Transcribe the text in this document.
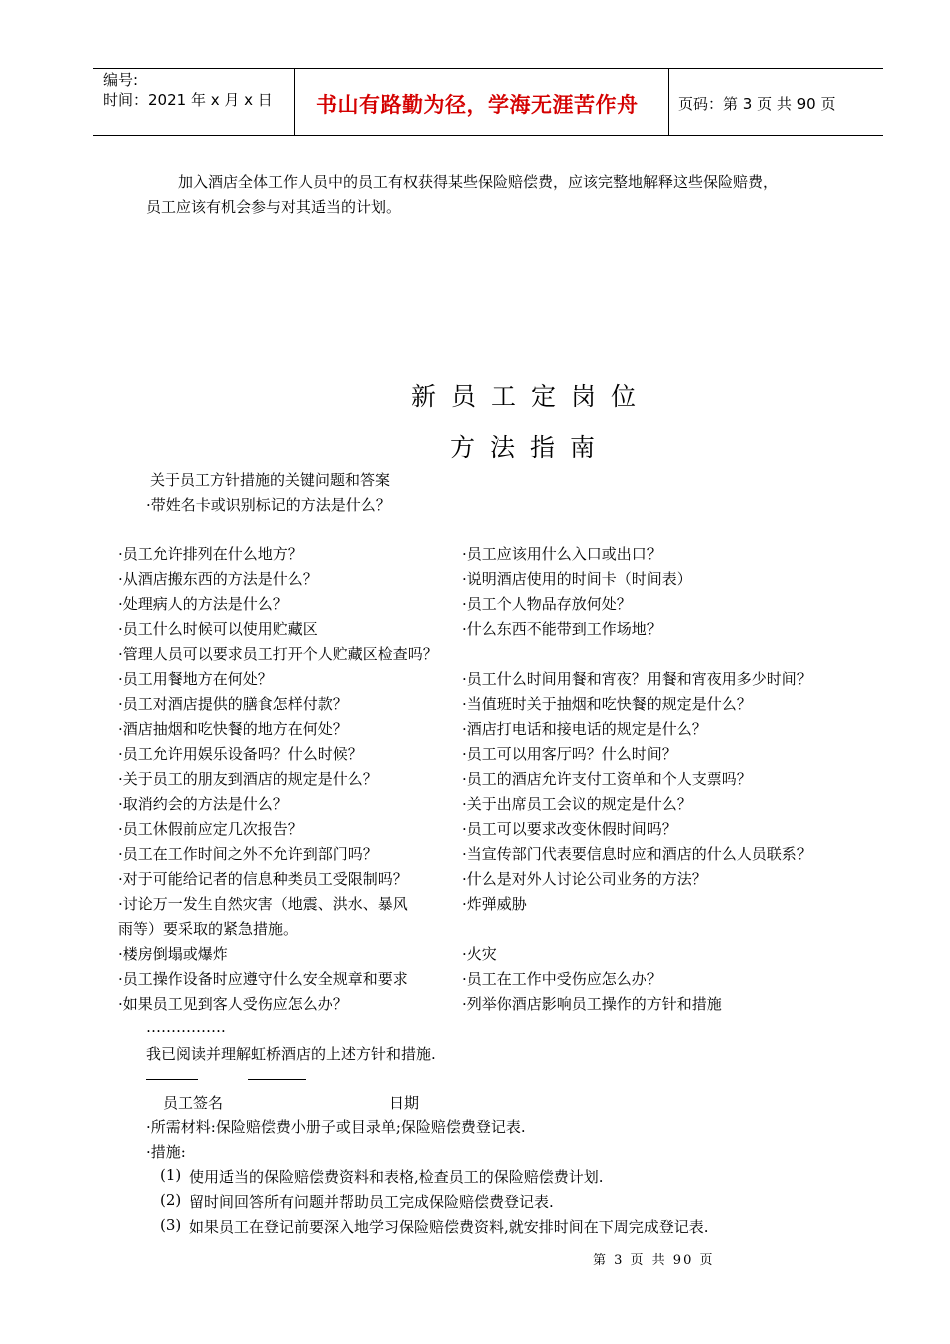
编号:
时间：2021 年 x 月 x 日 书山有路勤为径，学海无涯苦作舟	页码：第 3 页 共 90 页
加入酒店全体工作人员中的员工有权获得某些保险赔偿费，应该完整地解释这些保险赔费，
员工应该有机会参与对其适当的计划。
新员工定岗位
方法指南
关于员工方针措施的关键问题和答案
·带姓名卡或识别标记的方法是什么？
·员工允许排列在什么地方？
·从酒店搬东西的方法是什么？
·处理病人的方法是什么？
·员工什么时候可以使用贮藏区
·管理人员可以要求员工打开个人贮藏区检查吗？
·员工用餐地方在何处？
·员工对酒店提供的膳食怎样付款？
·酒店抽烟和吃快餐的地方在何处？
·员工允许用娱乐设备吗？什么时候？
·关于员工的朋友到酒店的规定是什么？
·取消约会的方法是什么？
·员工休假前应定几次报告？
·员工在工作时间之外不允许到部门吗？
·对于可能给记者的信息种类员工受限制吗？
·讨论万一发生自然灾害（地震、洪水、暴风
雨等）要采取的紧急措施。
·楼房倒塌或爆炸
·员工操作设备时应遵守什么安全规章和要求
·如果员工见到客人受伤应怎么办？
·员工应该用什么入口或出口？
·说明酒店使用的时间卡（时间表）
·员工个人物品存放何处？
·什么东西不能带到工作场地？
·员工什么时间用餐和宵夜？用餐和宵夜用多少时间？
·当值班时关于抽烟和吃快餐的规定是什么？
·酒店打电话和接电话的规定是什么？
·员工可以用客厅吗？什么时间？
·员工的酒店允许支付工资单和个人支票吗？
·关于出席员工会议的规定是什么？
·员工可以要求改变休假时间吗？
·当宣传部门代表要信息时应和酒店的什么人员联系？
·什么是对外人讨论公司业务的方法？
·炸弹威胁
·火灾
·员工在工作中受伤应怎么办？
·列举你酒店影响员工操作的方针和措施
…………….
我已阅读并理解虹桥酒店的上述方针和措施.
员工签名	日期
·所需材料:保险赔偿费小册子或目录单;保险赔偿费登记表.
·措施:
(1) 使用适当的保险赔偿费资料和表格,检查员工的保险赔偿费计划.
(2) 留时间回答所有问题并帮助员工完成保险赔偿费登记表.
(3) 如果员工在登记前要深入地学习保险赔偿费资料,就安排时间在下周完成登记表.
第 3 页 共 90 页
